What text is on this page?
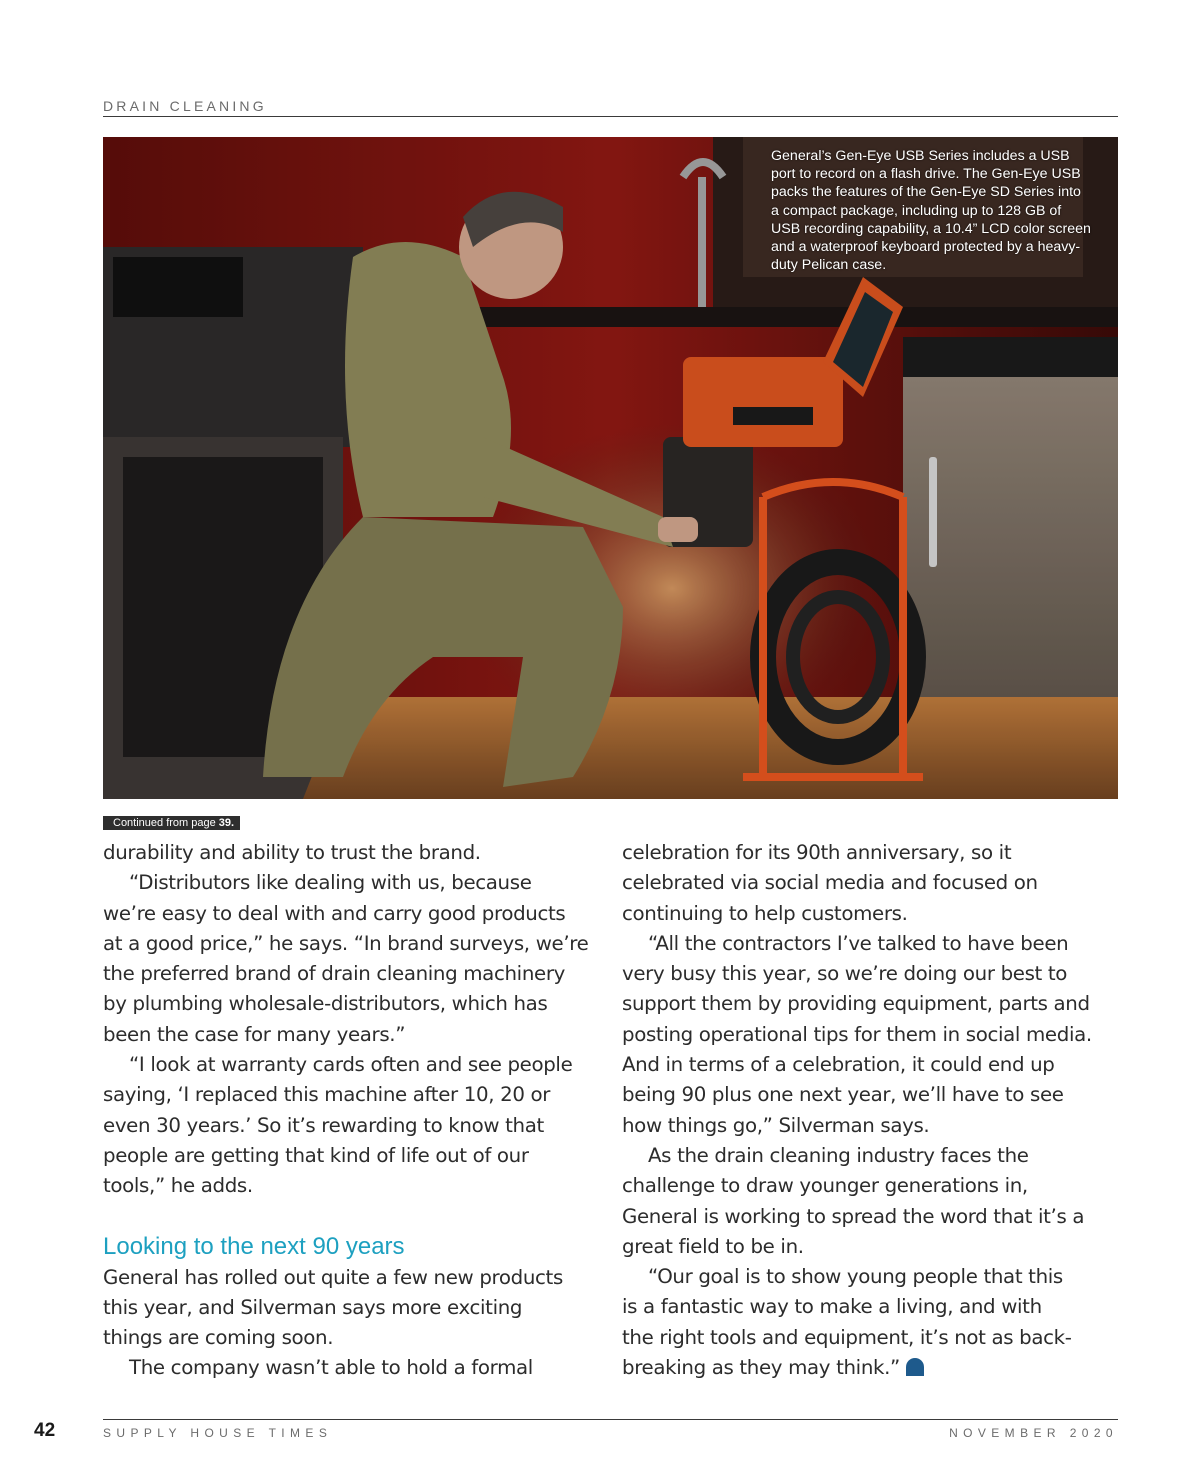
DRAIN CLEANING
General’s Gen-Eye USB Series includes a USB port to record on a flash drive. The Gen-Eye USB packs the features of the Gen-Eye SD Series into a compact package, including up to 128 GB of USB recording capability, a 10.4” LCD color screen and a waterproof keyboard protected by a heavy-duty Pelican case.
Continued from page 39.
durability and ability to trust the brand.
“Distributors like dealing with us, because
we’re easy to deal with and carry good products
at a good price,” he says. “In brand surveys, we’re
the preferred brand of drain cleaning machinery
by plumbing wholesale-distributors, which has
been the case for many years.”
“I look at warranty cards often and see people
saying, ‘I replaced this machine after 10, 20 or
even 30 years.’ So it’s rewarding to know that
people are getting that kind of life out of our
tools,” he adds.
Looking to the next 90 years
General has rolled out quite a few new products
this year, and Silverman says more exciting
things are coming soon.
The company wasn’t able to hold a formal
celebration for its 90th anniversary, so it
celebrated via social media and focused on
continuing to help customers.
“All the contractors I’ve talked to have been
very busy this year, so we’re doing our best to
support them by providing equipment, parts and
posting operational tips for them in social media.
And in terms of a celebration, it could end up
being 90 plus one next year, we’ll have to see
how things go,” Silverman says.
As the drain cleaning industry faces the
challenge to draw younger generations in,
General is working to spread the word that it’s a
great field to be in.
“Our goal is to show young people that this
is a fantastic way to make a living, and with
the right tools and equipment, it’s not as back-
breaking as they may think.”
42	SUPPLY HOUSE TIMES	NOVEMBER 2020
